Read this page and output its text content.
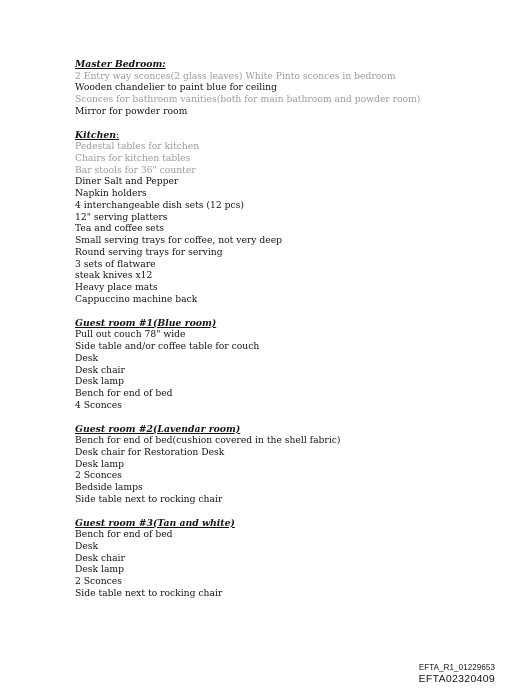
Master Bedroom:
2 Entry way sconces(2 glass leaves) White Pinto sconces in bedroom
Wooden chandelier to paint blue for ceiling
Sconces for bathroom vanities(both for main bathroom and powder room)
Mirror for powder room
Kitchen:
Pedestal tables for kitchen
Chairs for kitchen tables
Bar stools for 36" counter
Diner Salt and Pepper
Napkin holders
4 interchangeable dish sets (12 pcs)
12" serving platters
Tea and coffee sets
Small serving trays for coffee, not very deep
Round serving trays for serving
3 sets of flatware
steak knives x12
Heavy place mats
Cappuccino machine back
Guest room #1(Blue room)
Pull out couch 78" wide
Side table and/or coffee table for couch
Desk
Desk chair
Desk lamp
Bench for end of bed
4 Sconces
Guest room #2(Lavendar room)
Bench for end of bed(cushion covered in the shell fabric)
Desk chair for Restoration Desk
Desk lamp
2 Sconces
Bedside lamps
Side table next to rocking chair
Guest room #3(Tan and white)
Bench for end of bed
Desk
Desk chair
Desk lamp
2 Sconces
Side table next to rocking chair
EFTA_R1_01229653
EFTA02320409
